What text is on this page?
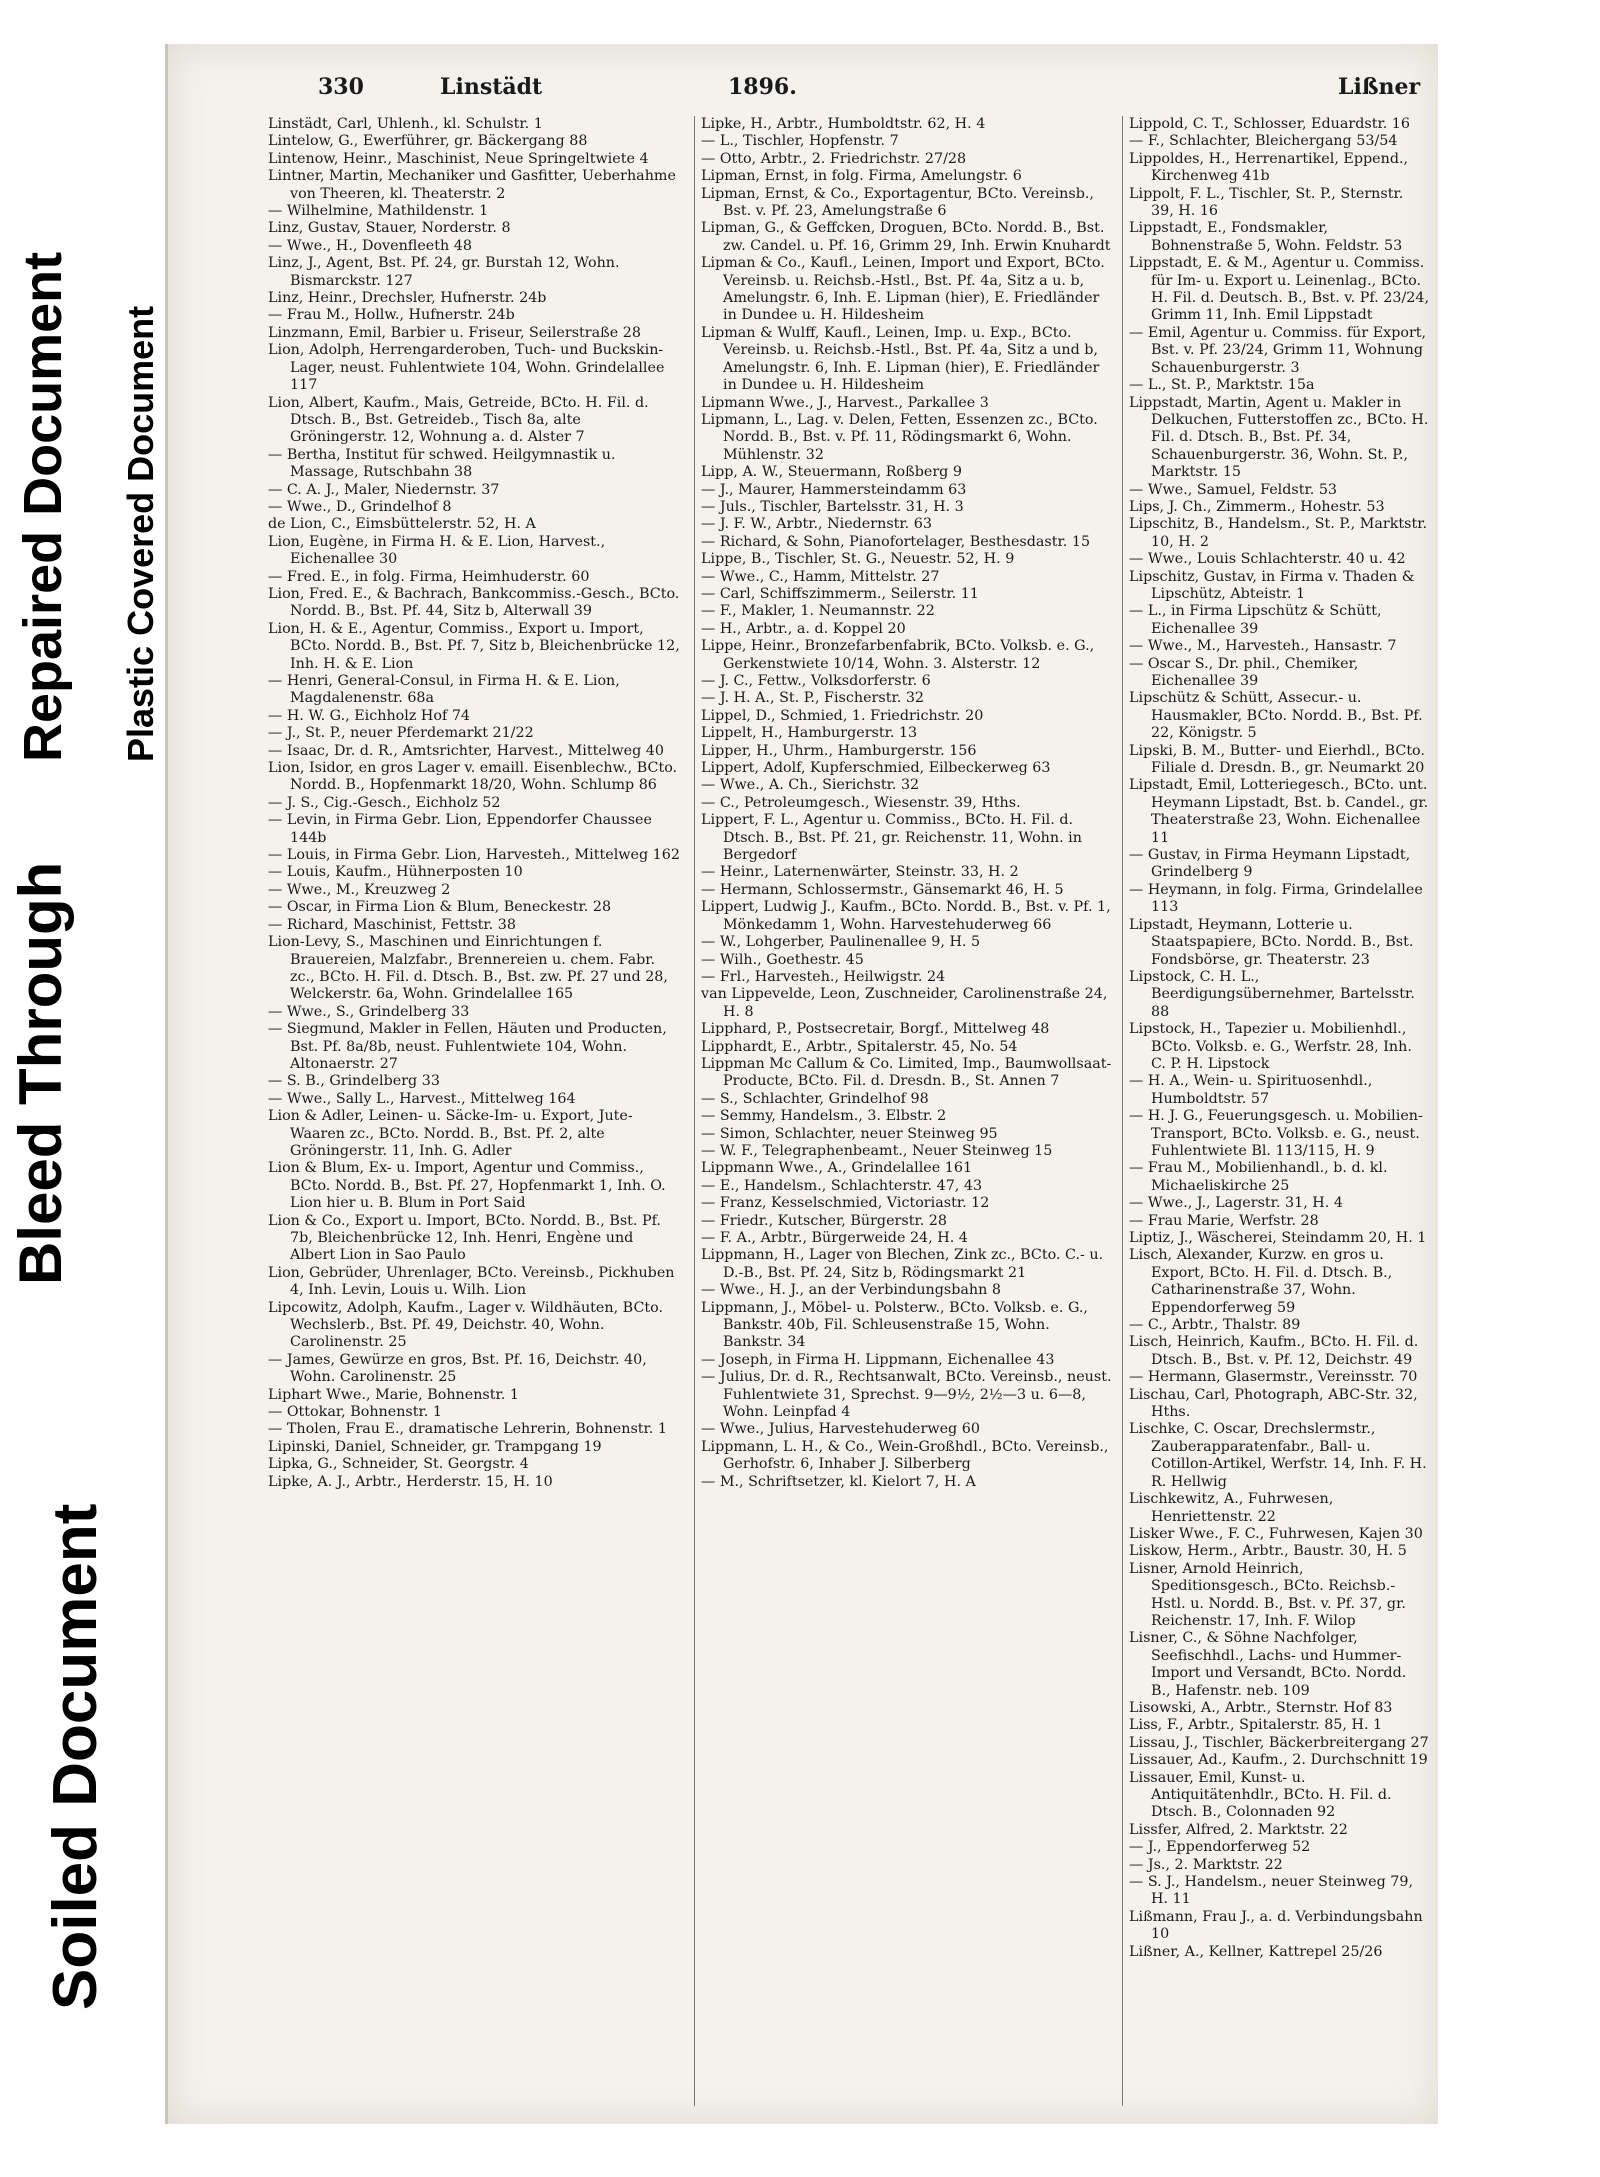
Bleed Through
Repaired Document Plastic Covered Document
Soiled Document
330	Linstädt	1896.	Lißner

Linstädt, Carl, Uhlenh., kl. Schulstr. 1

Lintelow, G., Ewerführer, gr. Bäckergang 88

Lintenow, Heinr., Maschinist, Neue Springeltwiete 4

Lintner, Martin, Mechaniker und Gasfitter, Ueberhahme von Theeren, kl. Theaterstr. 2

— Wilhelmine, Mathildenstr. 1

Linz, Gustav, Stauer, Norderstr. 8

— Wwe., H., Dovenfleeth 48

Linz, J., Agent, Bst. Pf. 24, gr. Burstah 12, Wohn. Bismarckstr. 127

Linz, Heinr., Drechsler, Hufnerstr. 24b

— Frau M., Hollw., Hufnerstr. 24b

Linzmann, Emil, Barbier u. Friseur, Seilerstraße 28

Lion, Adolph, Herrengarderoben, Tuch- und Buckskin-Lager, neust. Fuhlentwiete 104, Wohn. Grindelallee 117

Lion, Albert, Kaufm., Mais, Getreide, BCto. H. Fil. d. Dtsch. B., Bst. Getreideb., Tisch 8a, alte Gröningerstr. 12, Wohnung a. d. Alster 7

— Bertha, Institut für schwed. Heilgymnastik u. Massage, Rutschbahn 38

— C. A. J., Maler, Niedernstr. 37

— Wwe., D., Grindelhof 8

de Lion, C., Eimsbüttelerstr. 52, H. A

Lion, Eugène, in Firma H. & E. Lion, Harvest., Eichenallee 30

— Fred. E., in folg. Firma, Heimhuderstr. 60

Lion, Fred. E., & Bachrach, Bankcommiss.-Gesch., BCto. Nordd. B., Bst. Pf. 44, Sitz b, Alterwall 39

Lion, H. & E., Agentur, Commiss., Export u. Import, BCto. Nordd. B., Bst. Pf. 7, Sitz b, Bleichenbrücke 12, Inh. H. & E. Lion

— Henri, General-Consul, in Firma H. & E. Lion, Magdalenenstr. 68a

— H. W. G., Eichholz Hof 74

— J., St. P., neuer Pferdemarkt 21/22

— Isaac, Dr. d. R., Amtsrichter, Harvest., Mittelweg 40

Lion, Isidor, en gros Lager v. emaill. Eisenblechw., BCto. Nordd. B., Hopfenmarkt 18/20, Wohn. Schlump 86

— J. S., Cig.-Gesch., Eichholz 52

— Levin, in Firma Gebr. Lion, Eppendorfer Chaussee 144b

— Louis, in Firma Gebr. Lion, Harvesteh., Mittelweg 162

— Louis, Kaufm., Hühnerposten 10

— Wwe., M., Kreuzweg 2

— Oscar, in Firma Lion & Blum, Beneckestr. 28

— Richard, Maschinist, Fettstr. 38

Lion-Levy, S., Maschinen und Einrichtungen f. Brauereien, Malzfabr., Brennereien u. chem. Fabr. zc., BCto. H. Fil. d. Dtsch. B., Bst. zw. Pf. 27 und 28, Welckerstr. 6a, Wohn. Grindelallee 165

— Wwe., S., Grindelberg 33

— Siegmund, Makler in Fellen, Häuten und Producten, Bst. Pf. 8a/8b, neust. Fuhlentwiete 104, Wohn. Altonaerstr. 27

— S. B., Grindelberg 33

— Wwe., Sally L., Harvest., Mittelweg 164

Lion & Adler, Leinen- u. Säcke-Im- u. Export, Jute-Waaren zc., BCto. Nordd. B., Bst. Pf. 2, alte Gröningerstr. 11, Inh. G. Adler

Lion & Blum, Ex- u. Import, Agentur und Commiss., BCto. Nordd. B., Bst. Pf. 27, Hopfenmarkt 1, Inh. O. Lion hier u. B. Blum in Port Said

Lion & Co., Export u. Import, BCto. Nordd. B., Bst. Pf. 7b, Bleichenbrücke 12, Inh. Henri, Engène und Albert Lion in Sao Paulo

Lion, Gebrüder, Uhrenlager, BCto. Vereinsb., Pickhuben 4, Inh. Levin, Louis u. Wilh. Lion

Lipcowitz, Adolph, Kaufm., Lager v. Wildhäuten, BCto. Wechslerb., Bst. Pf. 49, Deichstr. 40, Wohn. Carolinenstr. 25

— James, Gewürze en gros, Bst. Pf. 16, Deichstr. 40, Wohn. Carolinenstr. 25

Liphart Wwe., Marie, Bohnenstr. 1

— Ottokar, Bohnenstr. 1

— Tholen, Frau E., dramatische Lehrerin, Bohnenstr. 1

Lipinski, Daniel, Schneider, gr. Trampgang 19

Lipka, G., Schneider, St. Georgstr. 4

Lipke, A. J., Arbtr., Herderstr. 15, H. 10

Lipke, H., Arbtr., Humboldtstr. 62, H. 4

— L., Tischler, Hopfenstr. 7

— Otto, Arbtr., 2. Friedrichstr. 27/28

Lipman, Ernst, in folg. Firma, Amelungstr. 6

Lipman, Ernst, & Co., Exportagentur, BCto. Vereinsb., Bst. v. Pf. 23, Amelungstraße 6

Lipman, G., & Geffcken, Droguen, BCto. Nordd. B., Bst. zw. Candel. u. Pf. 16, Grimm 29, Inh. Erwin Knuhardt

Lipman & Co., Kaufl., Leinen, Import und Export, BCto. Vereinsb. u. Reichsb.-Hstl., Bst. Pf. 4a, Sitz a u. b, Amelungstr. 6, Inh. E. Lipman (hier), E. Friedländer in Dundee u. H. Hildesheim

Lipman & Wulff, Kaufl., Leinen, Imp. u. Exp., BCto. Vereinsb. u. Reichsb.-Hstl., Bst. Pf. 4a, Sitz a und b, Amelungstr. 6, Inh. E. Lipman (hier), E. Friedländer in Dundee u. H. Hildesheim

Lipmann Wwe., J., Harvest., Parkallee 3

Lipmann, L., Lag. v. Delen, Fetten, Essenzen zc., BCto. Nordd. B., Bst. v. Pf. 11, Rödingsmarkt 6, Wohn. Mühlenstr. 32

Lipp, A. W., Steuermann, Roßberg 9

— J., Maurer, Hammersteindamm 63

— Juls., Tischler, Bartelsstr. 31, H. 3

— J. F. W., Arbtr., Niedernstr. 63

— Richard, & Sohn, Pianofortelager, Besthesdastr. 15

Lippe, B., Tischler, St. G., Neuestr. 52, H. 9

— Wwe., C., Hamm, Mittelstr. 27

— Carl, Schiffszimmerm., Seilerstr. 11

— F., Makler, 1. Neumannstr. 22

— H., Arbtr., a. d. Koppel 20

Lippe, Heinr., Bronzefarbenfabrik, BCto. Volksb. e. G., Gerkenstwiete 10/14, Wohn. 3. Alsterstr. 12

— J. C., Fettw., Volksdorferstr. 6

— J. H. A., St. P., Fischerstr. 32

Lippel, D., Schmied, 1. Friedrichstr. 20

Lippelt, H., Hamburgerstr. 13

Lipper, H., Uhrm., Hamburgerstr. 156

Lippert, Adolf, Kupferschmied, Eilbeckerweg 63

— Wwe., A. Ch., Sierichstr. 32

— C., Petroleumgesch., Wiesenstr. 39, Hths.

Lippert, F. L., Agentur u. Commiss., BCto. H. Fil. d. Dtsch. B., Bst. Pf. 21, gr. Reichenstr. 11, Wohn. in Bergedorf

— Heinr., Laternenwärter, Steinstr. 33, H. 2

— Hermann, Schlossermstr., Gänsemarkt 46, H. 5

Lippert, Ludwig J., Kaufm., BCto. Nordd. B., Bst. v. Pf. 1, Mönkedamm 1, Wohn. Harvestehuderweg 66

— W., Lohgerber, Paulinenallee 9, H. 5

— Wilh., Goethestr. 45

— Frl., Harvesteh., Heilwigstr. 24

van Lippevelde, Leon, Zuschneider, Carolinenstraße 24, H. 8

Lipphard, P., Postsecretair, Borgf., Mittelweg 48

Lipphardt, E., Arbtr., Spitalerstr. 45, No. 54

Lippman Mc Callum & Co. Limited, Imp., Baumwollsaat-Producte, BCto. Fil. d. Dresdn. B., St. Annen 7

— S., Schlachter, Grindelhof 98

— Semmy, Handelsm., 3. Elbstr. 2

— Simon, Schlachter, neuer Steinweg 95

— W. F., Telegraphenbeamt., Neuer Steinweg 15

Lippmann Wwe., A., Grindelallee 161

— E., Handelsm., Schlachterstr. 47, 43

— Franz, Kesselschmied, Victoriastr. 12

— Friedr., Kutscher, Bürgerstr. 28

— F. A., Arbtr., Bürgerweide 24, H. 4

Lippmann, H., Lager von Blechen, Zink zc., BCto. C.- u. D.-B., Bst. Pf. 24, Sitz b, Rödingsmarkt 21

— Wwe., H. J., an der Verbindungsbahn 8

Lippmann, J., Möbel- u. Polsterw., BCto. Volksb. e. G., Bankstr. 40b, Fil. Schleusenstraße 15, Wohn. Bankstr. 34

— Joseph, in Firma H. Lippmann, Eichenallee 43

— Julius, Dr. d. R., Rechtsanwalt, BCto. Vereinsb., neust. Fuhlentwiete 31, Sprechst. 9—9½, 2½—3 u. 6—8, Wohn. Leinpfad 4

— Wwe., Julius, Harvestehuderweg 60

Lippmann, L. H., & Co., Wein-Großhdl., BCto. Vereinsb., Gerhofstr. 6, Inhaber J. Silberberg

— M., Schriftsetzer, kl. Kielort 7, H. A

Lippold, C. T., Schlosser, Eduardstr. 16

— F., Schlachter, Bleichergang 53/54

Lippoldes, H., Herrenartikel, Eppend., Kirchenweg 41b

Lippolt, F. L., Tischler, St. P., Sternstr. 39, H. 16

Lippstadt, E., Fondsmakler, Bohnenstraße 5, Wohn. Feldstr. 53

Lippstadt, E. & M., Agentur u. Commiss. für Im- u. Export u. Leinenlag., BCto. H. Fil. d. Deutsch. B., Bst. v. Pf. 23/24, Grimm 11, Inh. Emil Lippstadt

— Emil, Agentur u. Commiss. für Export, Bst. v. Pf. 23/24, Grimm 11, Wohnung Schauenburgerstr. 3

— L., St. P., Marktstr. 15a

Lippstadt, Martin, Agent u. Makler in Delkuchen, Futterstoffen zc., BCto. H. Fil. d. Dtsch. B., Bst. Pf. 34, Schauenburgerstr. 36, Wohn. St. P., Marktstr. 15

— Wwe., Samuel, Feldstr. 53

Lips, J. Ch., Zimmerm., Hohestr. 53

Lipschitz, B., Handelsm., St. P., Marktstr. 10, H. 2

— Wwe., Louis Schlachterstr. 40 u. 42

Lipschitz, Gustav, in Firma v. Thaden & Lipschütz, Abteistr. 1

— L., in Firma Lipschütz & Schütt, Eichenallee 39

— Wwe., M., Harvesteh., Hansastr. 7

— Oscar S., Dr. phil., Chemiker, Eichenallee 39

Lipschütz & Schütt, Assecur.- u. Hausmakler, BCto. Nordd. B., Bst. Pf. 22, Königstr. 5

Lipski, B. M., Butter- und Eierhdl., BCto. Filiale d. Dresdn. B., gr. Neumarkt 20

Lipstadt, Emil, Lotteriegesch., BCto. unt. Heymann Lipstadt, Bst. b. Candel., gr. Theaterstraße 23, Wohn. Eichenallee 11

— Gustav, in Firma Heymann Lipstadt, Grindelberg 9

— Heymann, in folg. Firma, Grindelallee 113

Lipstadt, Heymann, Lotterie u. Staatspapiere, BCto. Nordd. B., Bst. Fondsbörse, gr. Theaterstr. 23

Lipstock, C. H. L., Beerdigungsübernehmer, Bartelsstr. 88

Lipstock, H., Tapezier u. Mobilienhdl., BCto. Volksb. e. G., Werfstr. 28, Inh. C. P. H. Lipstock

— H. A., Wein- u. Spirituosenhdl., Humboldtstr. 57

— H. J. G., Feuerungsgesch. u. Mobilien-Transport, BCto. Volksb. e. G., neust. Fuhlentwiete Bl. 113/115, H. 9

— Frau M., Mobilienhandl., b. d. kl. Michaeliskirche 25

— Wwe., J., Lagerstr. 31, H. 4

— Frau Marie, Werfstr. 28

Liptiz, J., Wäscherei, Steindamm 20, H. 1

Lisch, Alexander, Kurzw. en gros u. Export, BCto. H. Fil. d. Dtsch. B., Catharinenstraße 37, Wohn. Eppendorferweg 59

— C., Arbtr., Thalstr. 89

Lisch, Heinrich, Kaufm., BCto. H. Fil. d. Dtsch. B., Bst. v. Pf. 12, Deichstr. 49

— Hermann, Glasermstr., Vereinsstr. 70

Lischau, Carl, Photograph, ABC-Str. 32, Hths.

Lischke, C. Oscar, Drechslermstr., Zauberapparatenfabr., Ball- u. Cotillon-Artikel, Werfstr. 14, Inh. F. H. R. Hellwig

Lischkewitz, A., Fuhrwesen, Henriettenstr. 22

Lisker Wwe., F. C., Fuhrwesen, Kajen 30

Liskow, Herm., Arbtr., Baustr. 30, H. 5

Lisner, Arnold Heinrich, Speditionsgesch., BCto. Reichsb.-Hstl. u. Nordd. B., Bst. v. Pf. 37, gr. Reichenstr. 17, Inh. F. Wilop

Lisner, C., & Söhne Nachfolger, Seefischhdl., Lachs- und Hummer-Import und Versandt, BCto. Nordd. B., Hafenstr. neb. 109

Lisowski, A., Arbtr., Sternstr. Hof 83

Liss, F., Arbtr., Spitalerstr. 85, H. 1

Lissau, J., Tischler, Bäckerbreitergang 27

Lissauer, Ad., Kaufm., 2. Durchschnitt 19

Lissauer, Emil, Kunst- u. Antiquitätenhdlr., BCto. H. Fil. d. Dtsch. B., Colonnaden 92

Lissfer, Alfred, 2. Marktstr. 22

— J., Eppendorferweg 52

— Js., 2. Marktstr. 22

— S. J., Handelsm., neuer Steinweg 79, H. 11

Lißmann, Frau J., a. d. Verbindungsbahn 10

Lißner, A., Kellner, Kattrepel 25/26
